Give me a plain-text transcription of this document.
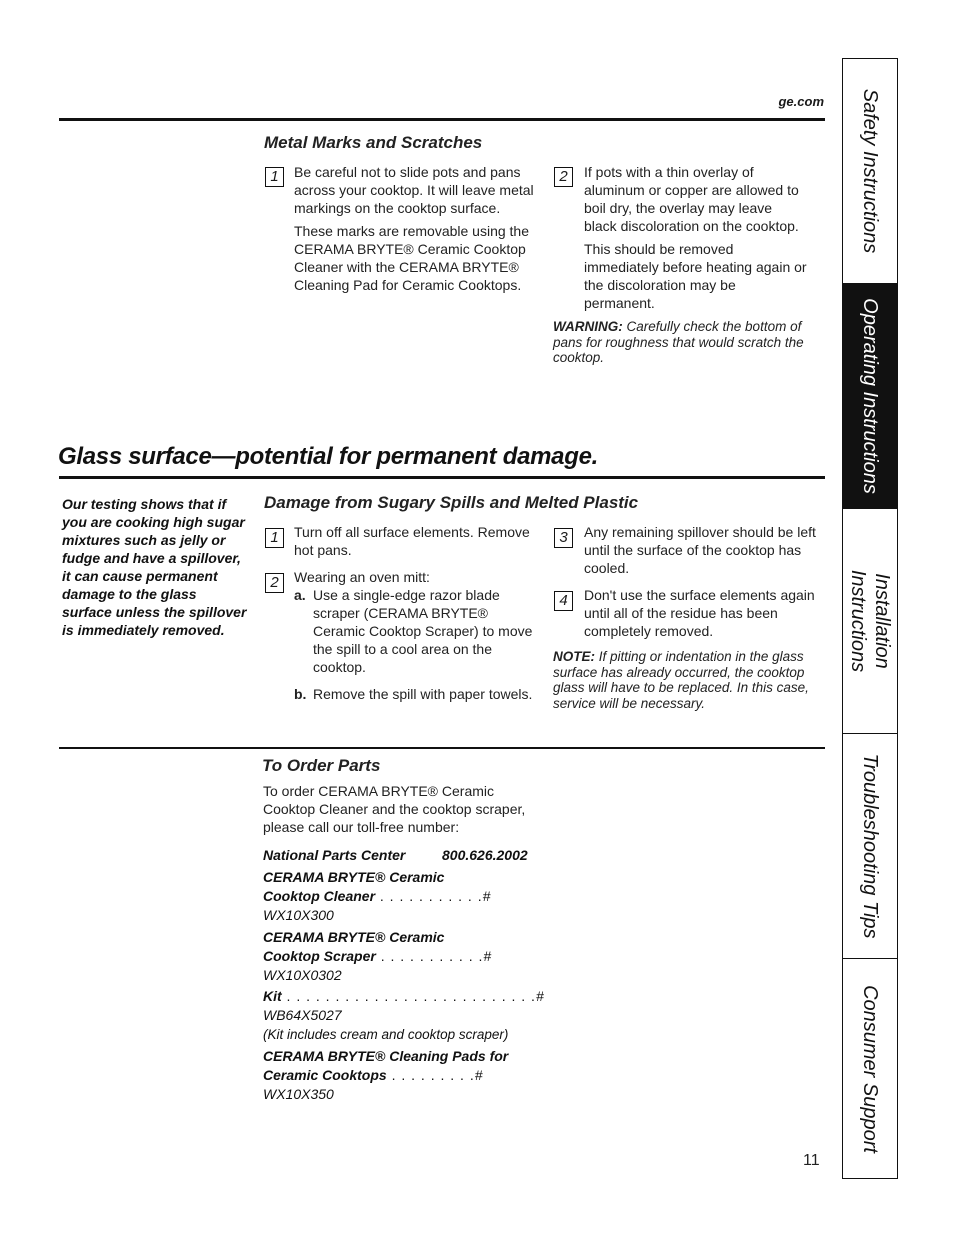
ge.com
Metal Marks and Scratches
1	Be careful not to slide pots and pans across your cooktop. It will leave metal markings on the cooktop surface.

These marks are removable using the CERAMA BRYTE® Ceramic Cooktop Cleaner with the CERAMA BRYTE® Cleaning Pad for Ceramic Cooktops.

2	If pots with a thin overlay of aluminum or copper are allowed to boil dry, the overlay may leave black discoloration on the cooktop.

This should be removed immediately before heating again or the discoloration may be permanent.

WARNING: Carefully check the bottom of pans for roughness that would scratch the cooktop.
Glass surface—potential for permanent damage.
Our testing shows that if you are cooking high sugar mixtures such as jelly or fudge and have a spillover, it can cause permanent damage to the glass surface unless the spillover is immediately removed.
Damage from Sugary Spills and Melted Plastic
1	Turn off all surface elements. Remove hot pans.
2	Wearing an oven mitt:

a. Use a single-edge razor blade scraper (CERAMA BRYTE® Ceramic Cooktop Scraper) to move the spill to a cool area on the cooktop.
b. Remove the spill with paper towels.
3	Any remaining spillover should be left until the surface of the cooktop has cooled.
4	Don't use the surface elements again until all of the residue has been completely removed.
NOTE: If pitting or indentation in the glass surface has already occurred, the cooktop glass will have to be replaced. In this case, service will be necessary.
To Order Parts
To order CERAMA BRYTE® Ceramic Cooktop Cleaner and the cooktop scraper, please call our toll-free number:
National Parts Center	800.626.2002
CERAMA BRYTE® Ceramic
Cooktop Cleaner . . . . . . . . . . .# WX10X300
CERAMA BRYTE® Ceramic
Cooktop Scraper . . . . . . . . . . .# WX10X0302
Kit . . . . . . . . . . . . . . . . . . . . . . . . . .# WB64X5027
(Kit includes cream and cooktop scraper)
CERAMA BRYTE® Cleaning Pads for
Ceramic Cooktops . . . . . . . . .# WX10X350
Safety Instructions
Operating Instructions
Installation Instructions
Troubleshooting Tips
Consumer Support
11
